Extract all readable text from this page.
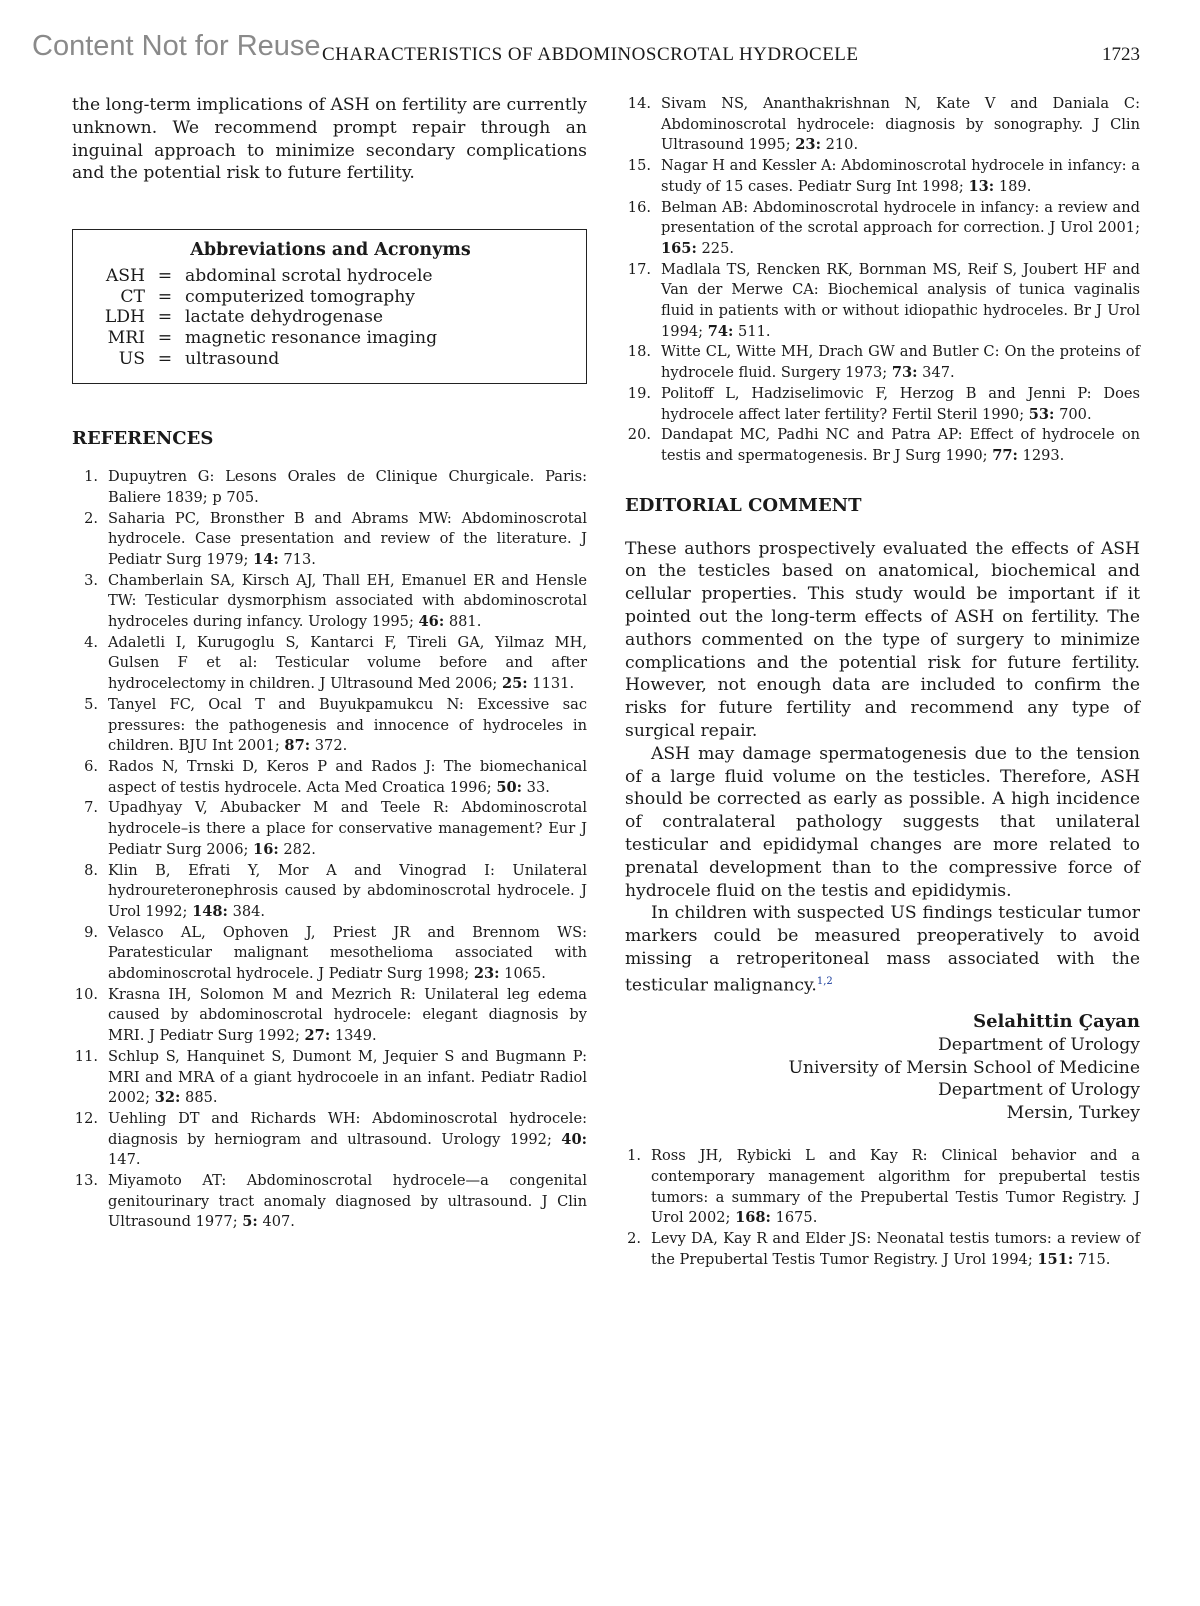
Content Not for Reuse CHARACTERISTICS OF ABDOMINOSCROTAL HYDROCELE	1723

the long-term implications of ASH on fertility are currently unknown. We recommend prompt repair through an inguinal approach to minimize secondary complications and the potential risk to future fertility.

Abbreviations and Acronyms

ASH = abdominal scrotal hydrocele
CT = computerized tomography
LDH = lactate dehydrogenase
MRI = magnetic resonance imaging
US = ultrasound

REFERENCES

1. Dupuytren G: Lesons Orales de Clinique Churgicale. Paris: Baliere 1839; p 705.
2. Saharia PC, Bronsther B and Abrams MW: Abdominoscrotal hydrocele. Case presentation and review of the literature. J Pediatr Surg 1979; 14: 713.
3. Chamberlain SA, Kirsch AJ, Thall EH, Emanuel ER and Hensle TW: Testicular dysmorphism associated with abdominoscrotal hydroceles during infancy. Urology 1995; 46: 881.
4. Adaletli I, Kurugoglu S, Kantarci F, Tireli GA, Yilmaz MH, Gulsen F et al: Testicular volume before and after hydrocelectomy in children. J Ultrasound Med 2006; 25: 1131.
5. Tanyel FC, Ocal T and Buyukpamukcu N: Excessive sac pressures: the pathogenesis and innocence of hydroceles in children. BJU Int 2001; 87: 372.
6. Rados N, Trnski D, Keros P and Rados J: The biomechanical aspect of testis hydrocele. Acta Med Croatica 1996; 50: 33.
7. Upadhyay V, Abubacker M and Teele R: Abdominoscrotal hydrocele–is there a place for conservative management? Eur J Pediatr Surg 2006; 16: 282.
8. Klin B, Efrati Y, Mor A and Vinograd I: Unilateral hydroureteronephrosis caused by abdominoscrotal hydrocele. J Urol 1992; 148: 384.
9. Velasco AL, Ophoven J, Priest JR and Brennom WS: Paratesticular malignant mesothelioma associated with abdominoscrotal hydrocele. J Pediatr Surg 1998; 23: 1065.
10. Krasna IH, Solomon M and Mezrich R: Unilateral leg edema caused by abdominoscrotal hydrocele: elegant diagnosis by MRI. J Pediatr Surg 1992; 27: 1349.
11. Schlup S, Hanquinet S, Dumont M, Jequier S and Bugmann P: MRI and MRA of a giant hydrocoele in an infant. Pediatr Radiol 2002; 32: 885.
12. Uehling DT and Richards WH: Abdominoscrotal hydrocele: diagnosis by herniogram and ultrasound. Urology 1992; 40: 147.
13. Miyamoto AT: Abdominoscrotal hydrocele—a congenital genitourinary tract anomaly diagnosed by ultrasound. J Clin Ultrasound 1977; 5: 407.
14. Sivam NS, Ananthakrishnan N, Kate V and Daniala C: Abdominoscrotal hydrocele: diagnosis by sonography. J Clin Ultrasound 1995; 23: 210.
15. Nagar H and Kessler A: Abdominoscrotal hydrocele in infancy: a study of 15 cases. Pediatr Surg Int 1998; 13: 189.
16. Belman AB: Abdominoscrotal hydrocele in infancy: a review and presentation of the scrotal approach for correction. J Urol 2001; 165: 225.
17. Madlala TS, Rencken RK, Bornman MS, Reif S, Joubert HF and Van der Merwe CA: Biochemical analysis of tunica vaginalis fluid in patients with or without idiopathic hydroceles. Br J Urol 1994; 74: 511.
18. Witte CL, Witte MH, Drach GW and Butler C: On the proteins of hydrocele fluid. Surgery 1973; 73: 347.
19. Politoff L, Hadziselimovic F, Herzog B and Jenni P: Does hydrocele affect later fertility? Fertil Steril 1990; 53: 700.
20. Dandapat MC, Padhi NC and Patra AP: Effect of hydrocele on testis and spermatogenesis. Br J Surg 1990; 77: 1293.

EDITORIAL COMMENT

These authors prospectively evaluated the effects of ASH on the testicles based on anatomical, biochemical and cellular properties. This study would be important if it pointed out the long-term effects of ASH on fertility. The authors commented on the type of surgery to minimize complications and the potential risk for future fertility. However, not enough data are included to confirm the risks for future fertility and recommend any type of surgical repair.

ASH may damage spermatogenesis due to the tension of a large fluid volume on the testicles. Therefore, ASH should be corrected as early as possible. A high incidence of contralateral pathology suggests that unilateral testicular and epididymal changes are more related to prenatal development than to the compressive force of hydrocele fluid on the testis and epididymis.

In children with suspected US findings testicular tumor markers could be measured preoperatively to avoid missing a retroperitoneal mass associated with the testicular malignancy.$^{1,2}$

Selahittin Çayan
Department of Urology
University of Mersin School of Medicine
Department of Urology
Mersin, Turkey
1. Ross JH, Rybicki L and Kay R: Clinical behavior and a contemporary management algorithm for prepubertal testis tumors: a summary of the Prepubertal Testis Tumor Registry. J Urol 2002; 168: 1675.
2. Levy DA, Kay R and Elder JS: Neonatal testis tumors: a review of the Prepubertal Testis Tumor Registry. J Urol 1994; 151: 715.
